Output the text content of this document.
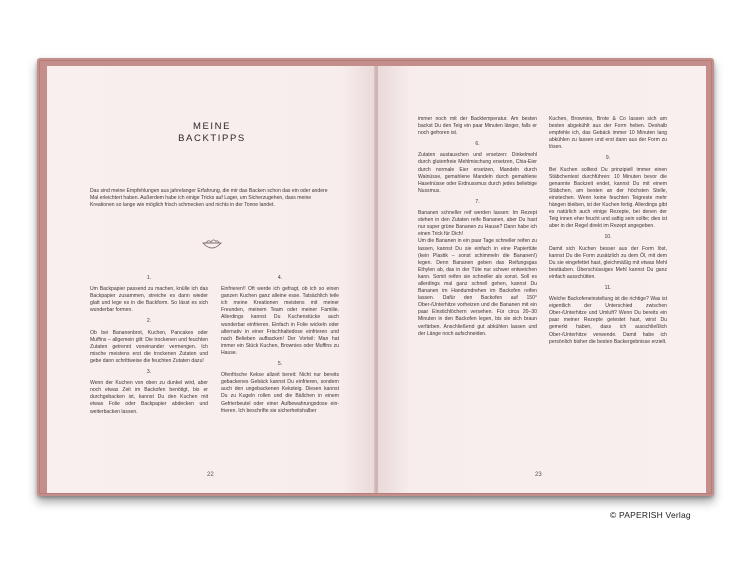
MEINE
BACKTIPPS

Das sind meine Empfehlungen aus jahrelanger Erfahrung, die mir das Backen schon das ein oder andere Mal erleichtert haben. Außerdem habe ich einige Tricks auf Lager, um Sicherzugehen, dass meine Kreationen so lange wie möglich frisch schmecken und nichts in der Tonne landet.

1.

Um Backpapier passend zu machen, knülle ich das Backpapier zusammen, streiche es dann wieder glatt und lege es in die Backform. So lässt es sich wunderbar formen.

2.

Ob bei Bananenbrot, Kuchen, Pancakes oder Muffins – allgemein gilt: Die trockenen und feuchten Zutaten getrennt voneinander vermengen. Ich mische meistens erst die trockenen Zutaten und gebe dann schrittweise die feuchten Zutaten dazu!

3.

Wenn der Kuchen von oben zu dunkel wird, aber noch etwas Zeit im Backofen benötigt, bis er durchgebacken ist, kannst Du den Kuchen mit etwas Folie oder Backpapier abdecken und weiterbacken lassen.

4.

Einfrieren!! Oft werde ich gefragt, ob ich so einen ganzen Kuchen ganz alleine esse. Tatsächlich teile ich meine Kreationen meistens mit meiner Freunden, meinem Team oder meiner Familie. Allerdings kannst Du Kuchenstücke auch wunderbar einfrieren. Einfach in Folie wickeln oder alternativ in einer Frischhaltedose einfrieren und nach Belieben aufbacken! Der Vorteil: Man hat immer ein Stück Kuchen, Brownies oder Muffins zu Hause.

5.

Ofenfrische Kekse allzeit bereit: Nicht nur bereits gebackenes Gebäck kannst Du einfrieren, sondern auch den ungebackenen Keksteig. Diesen kannst Du zu Kugeln rollen und die Bällchen in einem Gefrierbeutel oder einer Aufbewahrungsdose einfrieren. Ich beschrifte sie sicherheitshalber

22

immer noch mit der Backtemperatur. Am besten backst Du den Teig ein paar Minuten länger, falls er noch gefroren ist.

6.

Zutaten austauschen und ersetzen: Dinkelmehl durch glutenfreie Mehlmischung ersetzen, Chia-Eier durch normale Eier ersetzen, Mandeln durch Walnüsse, gemahlene Mandeln durch gemahlene Haselnüsse oder Erdnussmus durch jedes beliebige Nussmus.

7.

Bananen schneller reif werden lassen: Im Rezept stehen in den Zutaten reife Bananen, aber Du hast nur super grüne Bananen zu Hause? Dann habe ich einen Trick für Dich!

Um die Bananen in ein paar Tage schneller reifen zu lassen, kannst Du sie einfach in eine Papiertüte (kein Plastik – sonst schimmeln die Bananen!) legen. Denn Bananen geben das Reifungsgas Ethylen ab, das in der Tüte nur schwer entweichen kann. Somit reifen sie schneller als sonst. Soll es allerdings mal ganz schnell gehen, kannst Du Bananen im Handumdrehen im Backofen reifen lassen. Dafür den Backofen auf 150° Ober-/Unterhitze vorheizen und die Bananen mit ein paar Einstichlöchern versehen. Für circa 20–30 Minuten in den Backofen legen, bis sie sich braun verfärben. Anschließend gut abkühlen lassen und der Länge noch aufschneiden.

Kuchen, Brownies, Brote & Co lassen sich am besten abgekühlt aus der Form heben. Deshalb empfehle ich, das Gebäck immer 10 Minuten lang abkühlen zu lassen und erst dann aus der Form zu lösen.

9.

Bei Kuchen solltest Du prinzipiell immer einen Stäbchentest durchführen: 10 Minuten bevor die genannte Backzeit endet, kannst Du mit einem Stäbchen, am besten an der höchsten Stelle, einstechen. Wenn keine feuchten Teigreste mehr hängen bleiben, ist der Kuchen fertig. Allerdings gibt es natürlich auch einige Rezepte, bei denen der Teig innen eher feucht und saftig sein sollte; dies ist aber in der Regel direkt im Rezept angegeben.

10.

Damit sich Kuchen besser aus der Form löst, kannst Du die Form zusätzlich zu dem Öl, mit dem Du sie eingefettet hast, gleichmäßig mit etwas Mehl bestäuben. Überschüssiges Mehl kannst Du ganz einfach ausschütten.

11.

Welche Backofeneinstellung ist die richtige? Was ist eigentlich der Unterschied zwischen Ober-/Unterhitze und Umluft? Wenn Du bereits ein paar meiner Rezepte getestet hast, wirst Du gemerkt haben, dass ich ausschließlich Ober-/Unterhitze verwende. Damit habe ich persönlich bisher die besten Backergebnisse erzielt.

23
© PAPERISH Verlag
